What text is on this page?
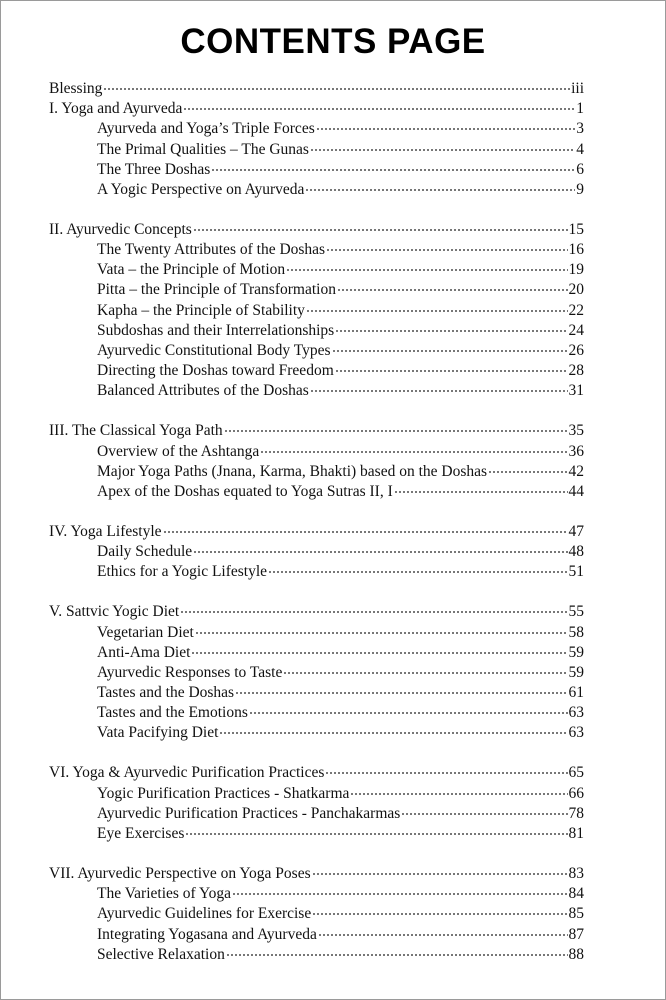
CONTENTS PAGE
Blessing	iii
I. Yoga and Ayurveda	1
Ayurveda and Yoga’s Triple Forces	3
The Primal Qualities – The Gunas	4
The Three Doshas	6
A Yogic Perspective on Ayurveda	9
II. Ayurvedic Concepts	15
The Twenty Attributes of the Doshas	16
Vata – the Principle of Motion	19
Pitta – the Principle of Transformation	20
Kapha – the Principle of Stability	22
Subdoshas and their Interrelationships	24
Ayurvedic Constitutional Body Types	26
Directing the Doshas toward Freedom	28
Balanced Attributes of the Doshas	31
III. The Classical Yoga Path	35
Overview of the Ashtanga	36
Major Yoga Paths (Jnana, Karma, Bhakti) based on the Doshas	42
Apex of the Doshas equated to Yoga Sutras II, I	44
IV. Yoga Lifestyle	47
Daily Schedule	48
Ethics for a Yogic Lifestyle	51
V. Sattvic Yogic Diet	55
Vegetarian Diet	58
Anti-Ama Diet	59
Ayurvedic Responses to Taste	59
Tastes and the Doshas	61
Tastes and the Emotions	63
Vata Pacifying Diet	63
VI. Yoga & Ayurvedic Purification Practices	65
Yogic Purification Practices - Shatkarma	66
Ayurvedic Purification Practices - Panchakarmas	78
Eye Exercises	81
VII. Ayurvedic Perspective on Yoga Poses	83
The Varieties of Yoga	84
Ayurvedic Guidelines for Exercise	85
Integrating Yogasana and Ayurveda	87
Selective Relaxation	88
